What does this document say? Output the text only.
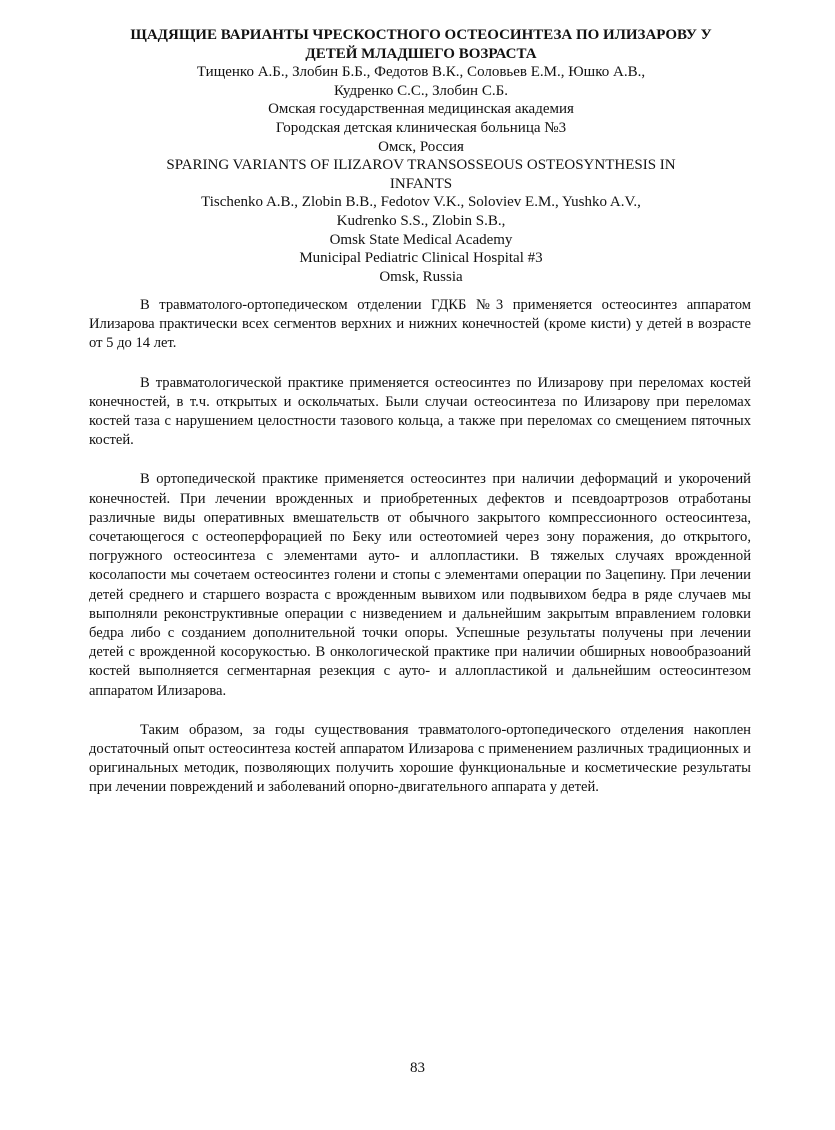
ЩАДЯЩИЕ ВАРИАНТЫ ЧРЕСКОСТНОГО ОСТЕОСИНТЕЗА ПО ИЛИЗАРОВУ У
ДЕТЕЙ МЛАДШЕГО ВОЗРАСТА
Тищенко А.Б., Злобин Б.Б., Федотов В.К., Соловьев Е.М., Юшко А.В.,
Кудренко С.С., Злобин С.Б.
Омская государственная медицинская академия
Городская детская клиническая больница №3
Омск, Россия
SPARING VARIANTS OF ILIZAROV TRANSOSSEOUS OSTEOSYNTHESIS IN
INFANTS
Tischenko A.B., Zlobin B.B., Fedotov V.K., Soloviev E.M., Yushko A.V.,
Kudrenko S.S., Zlobin S.B.,
Omsk State Medical Academy
Municipal Pediatric Clinical Hospital #3
Omsk, Russia

В травматолого-ортопедическом отделении ГДКБ №3 применяется остеосинтез аппаратом Илизарова практически всех сегментов верхних и нижних конечностей (кроме кисти) у детей в возрасте от 5 до 14 лет.

В травматологической практике применяется остеосинтез по Илизарову при переломах костей конечностей, в т.ч. открытых и оскольчатых. Были случаи остеосинтеза по Илизарову при переломах костей таза с нарушением целостности тазового кольца, а также при переломах со смещением пяточных костей.

В ортопедической практике применяется остеосинтез при наличии деформаций и укорочений конечностей. При лечении врожденных и приобретенных дефектов и псевдоартрозов отработаны различные виды оперативных вмешательств от обычного закрытого компрессионного остеосинтеза, сочетающегося с остеоперфорацией по Беку или остеотомией через зону поражения, до открытого, погружного остеосинтеза с элементами ауто- и аллопластики. В тяжелых случаях врожденной косолапости мы сочетаем остеосинтез голени и стопы с элементами операции по Зацепину. При лечении детей среднего и старшего возраста с врожденным вывихом или подвывихом бедра в ряде случаев мы выполняли реконструктивные операции с низведением и дальнейшим закрытым вправлением головки бедра либо с созданием дополнительной точки опоры. Успешные результаты получены при лечении детей с врожденной косорукостью. В онкологической практике при наличии обширных новообразоаний костей выполняется сегментарная резекция с ауто- и аллопластикой и дальнейшим остеосинтезом аппаратом Илизарова.

Таким образом, за годы существования травматолого-ортопедического отделения накоплен достаточный опыт остеосинтеза костей аппаратом Илизарова с применением различных традиционных и оригинальных методик, позволяющих получить хорошие функциональные и косметические результаты при лечении повреждений и заболеваний опорно-двигательного аппарата у детей.

83
